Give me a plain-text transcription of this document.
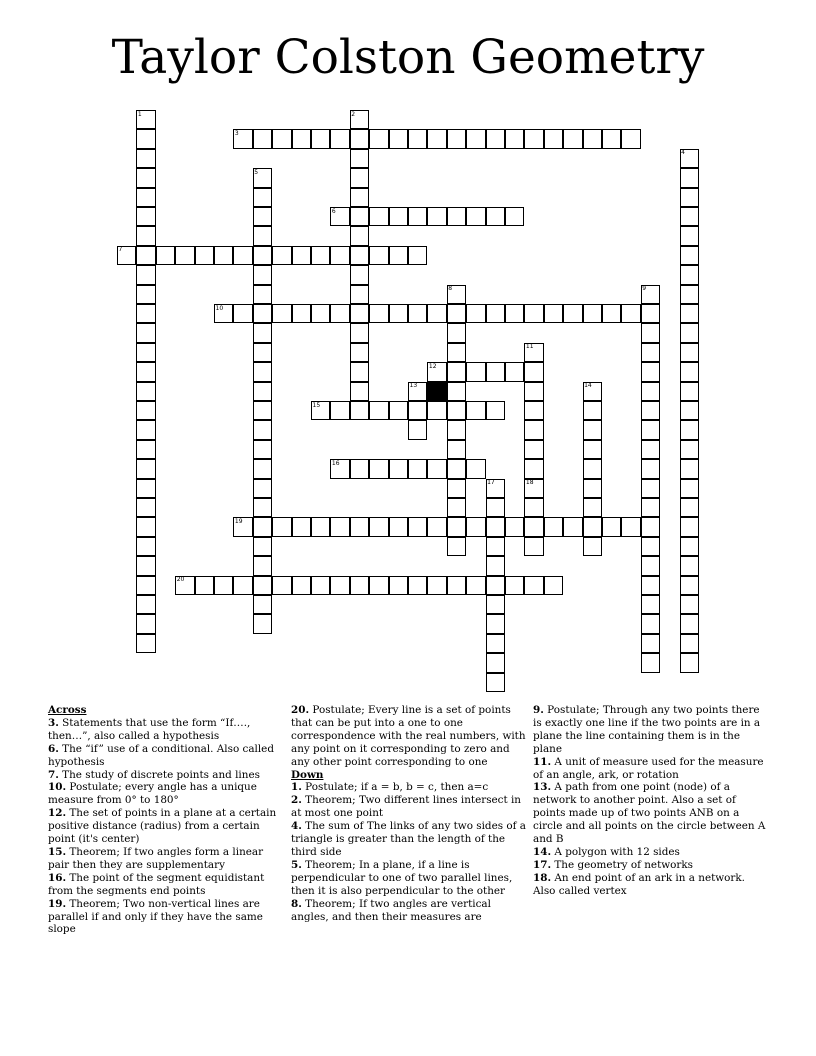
Taylor Colston Geometry
1	2
3
4
5
6
7
8	9
10
11
12
13	14
15
16
17	18
19
20
Across
3. Statements that use the form “If…., then…”, also called a hypothesis
6. The “if” use of a conditional. Also called hypothesis
7. The study of discrete points and lines
10. Postulate; every angle has a unique measure from 0° to 180°
12. The set of points in a plane at a certain positive distance (radius) from a certain point (it's center)
15. Theorem; If two angles form a linear pair then they are supplementary
16. The point of the segment equidistant from the segments end points
19. Theorem; Two non-vertical lines are parallel if and only if they have the same slope
20. Postulate; Every line is a set of points that can be put into a one to one correspondence with the real numbers, with any point on it corresponding to zero and any other point corresponding to one
Down
1. Postulate; if a = b, b = c, then a=c
2. Theorem; Two different lines intersect in at most one point
4. The sum of The links of any two sides of a triangle is greater than the length of the third side
5. Theorem; In a plane, if a line is perpendicular to one of two parallel lines, then it is also perpendicular to the other
8. Theorem; If two angles are vertical angles, and then their measures are
9. Postulate; Through any two points there is exactly one line if the two points are in a plane the line containing them is in the plane
11. A unit of measure used for the measure of an angle, ark, or rotation
13. A path from one point (node) of a network to another point. Also a set of points made up of two points ANB on a circle and all points on the circle between A and B
14. A polygon with 12 sides
17. The geometry of networks
18. An end point of an ark in a network. Also called vertex
